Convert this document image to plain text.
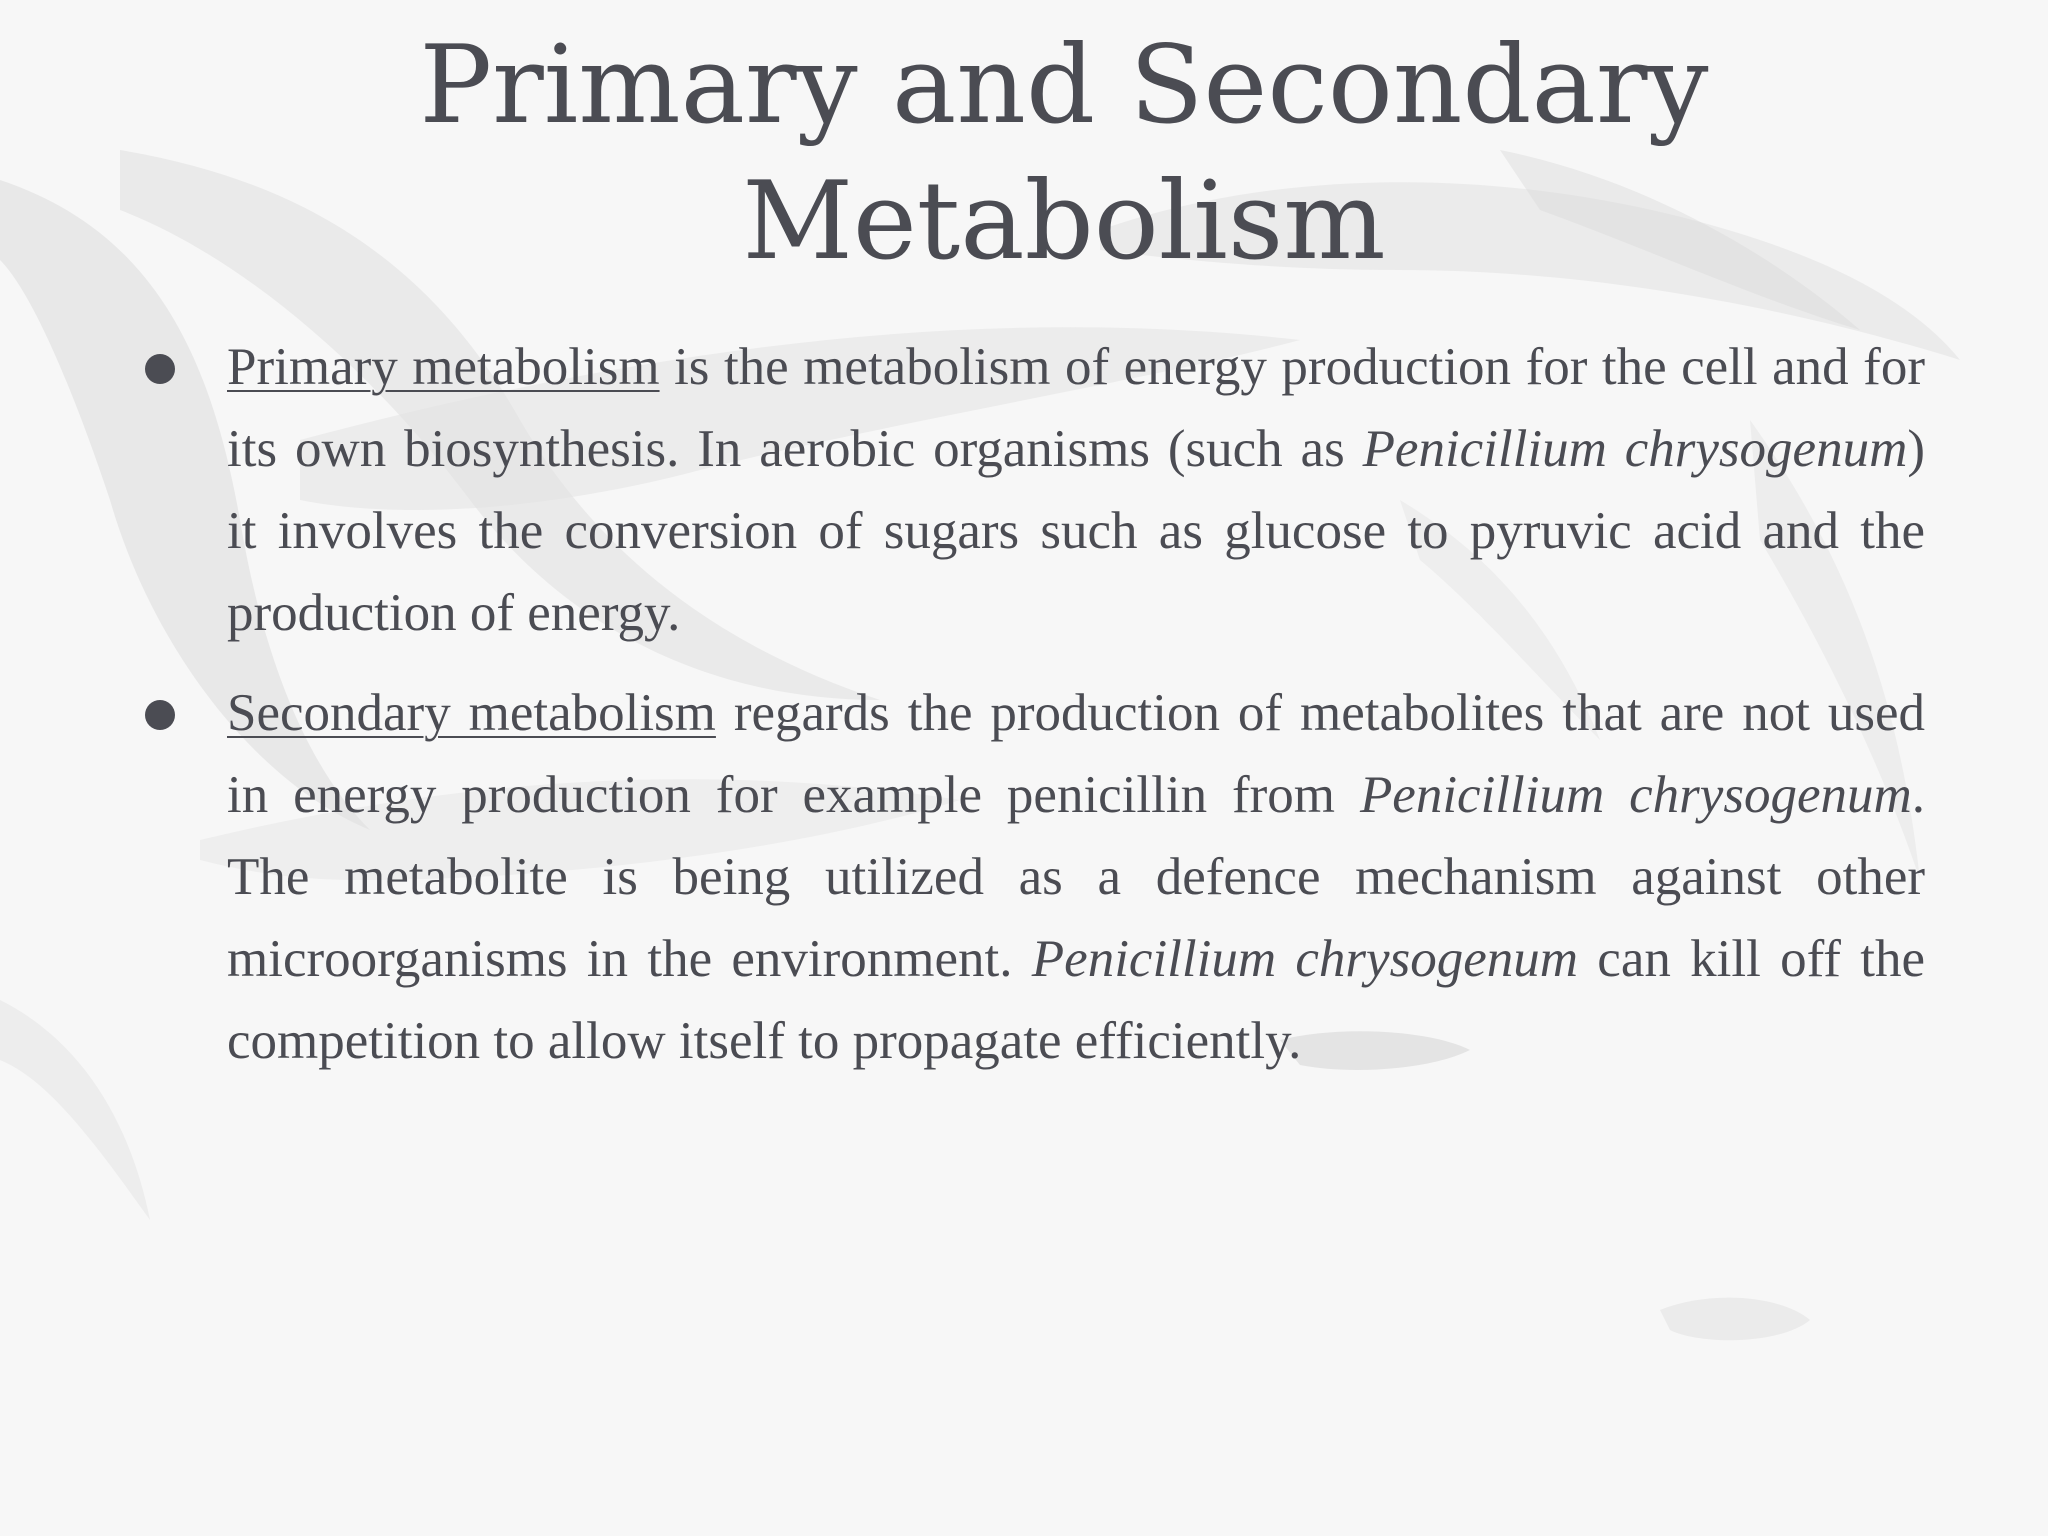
Primary and Secondary
Metabolism

Primary metabolism is the metabolism of energy production for the cell and for its own biosynthesis. In aerobic organisms (such as Penicillium chrysogenum) it involves the conversion of sugars such as glucose to pyruvic acid and the production of energy.

Secondary metabolism regards the production of metabolites that are not used in energy production for example penicillin from Penicillium chrysogenum. The metabolite is being utilized as a defence mechanism against other microorganisms in the environment. Penicillium chrysogenum can kill off the competition to allow itself to propagate efficiently.
